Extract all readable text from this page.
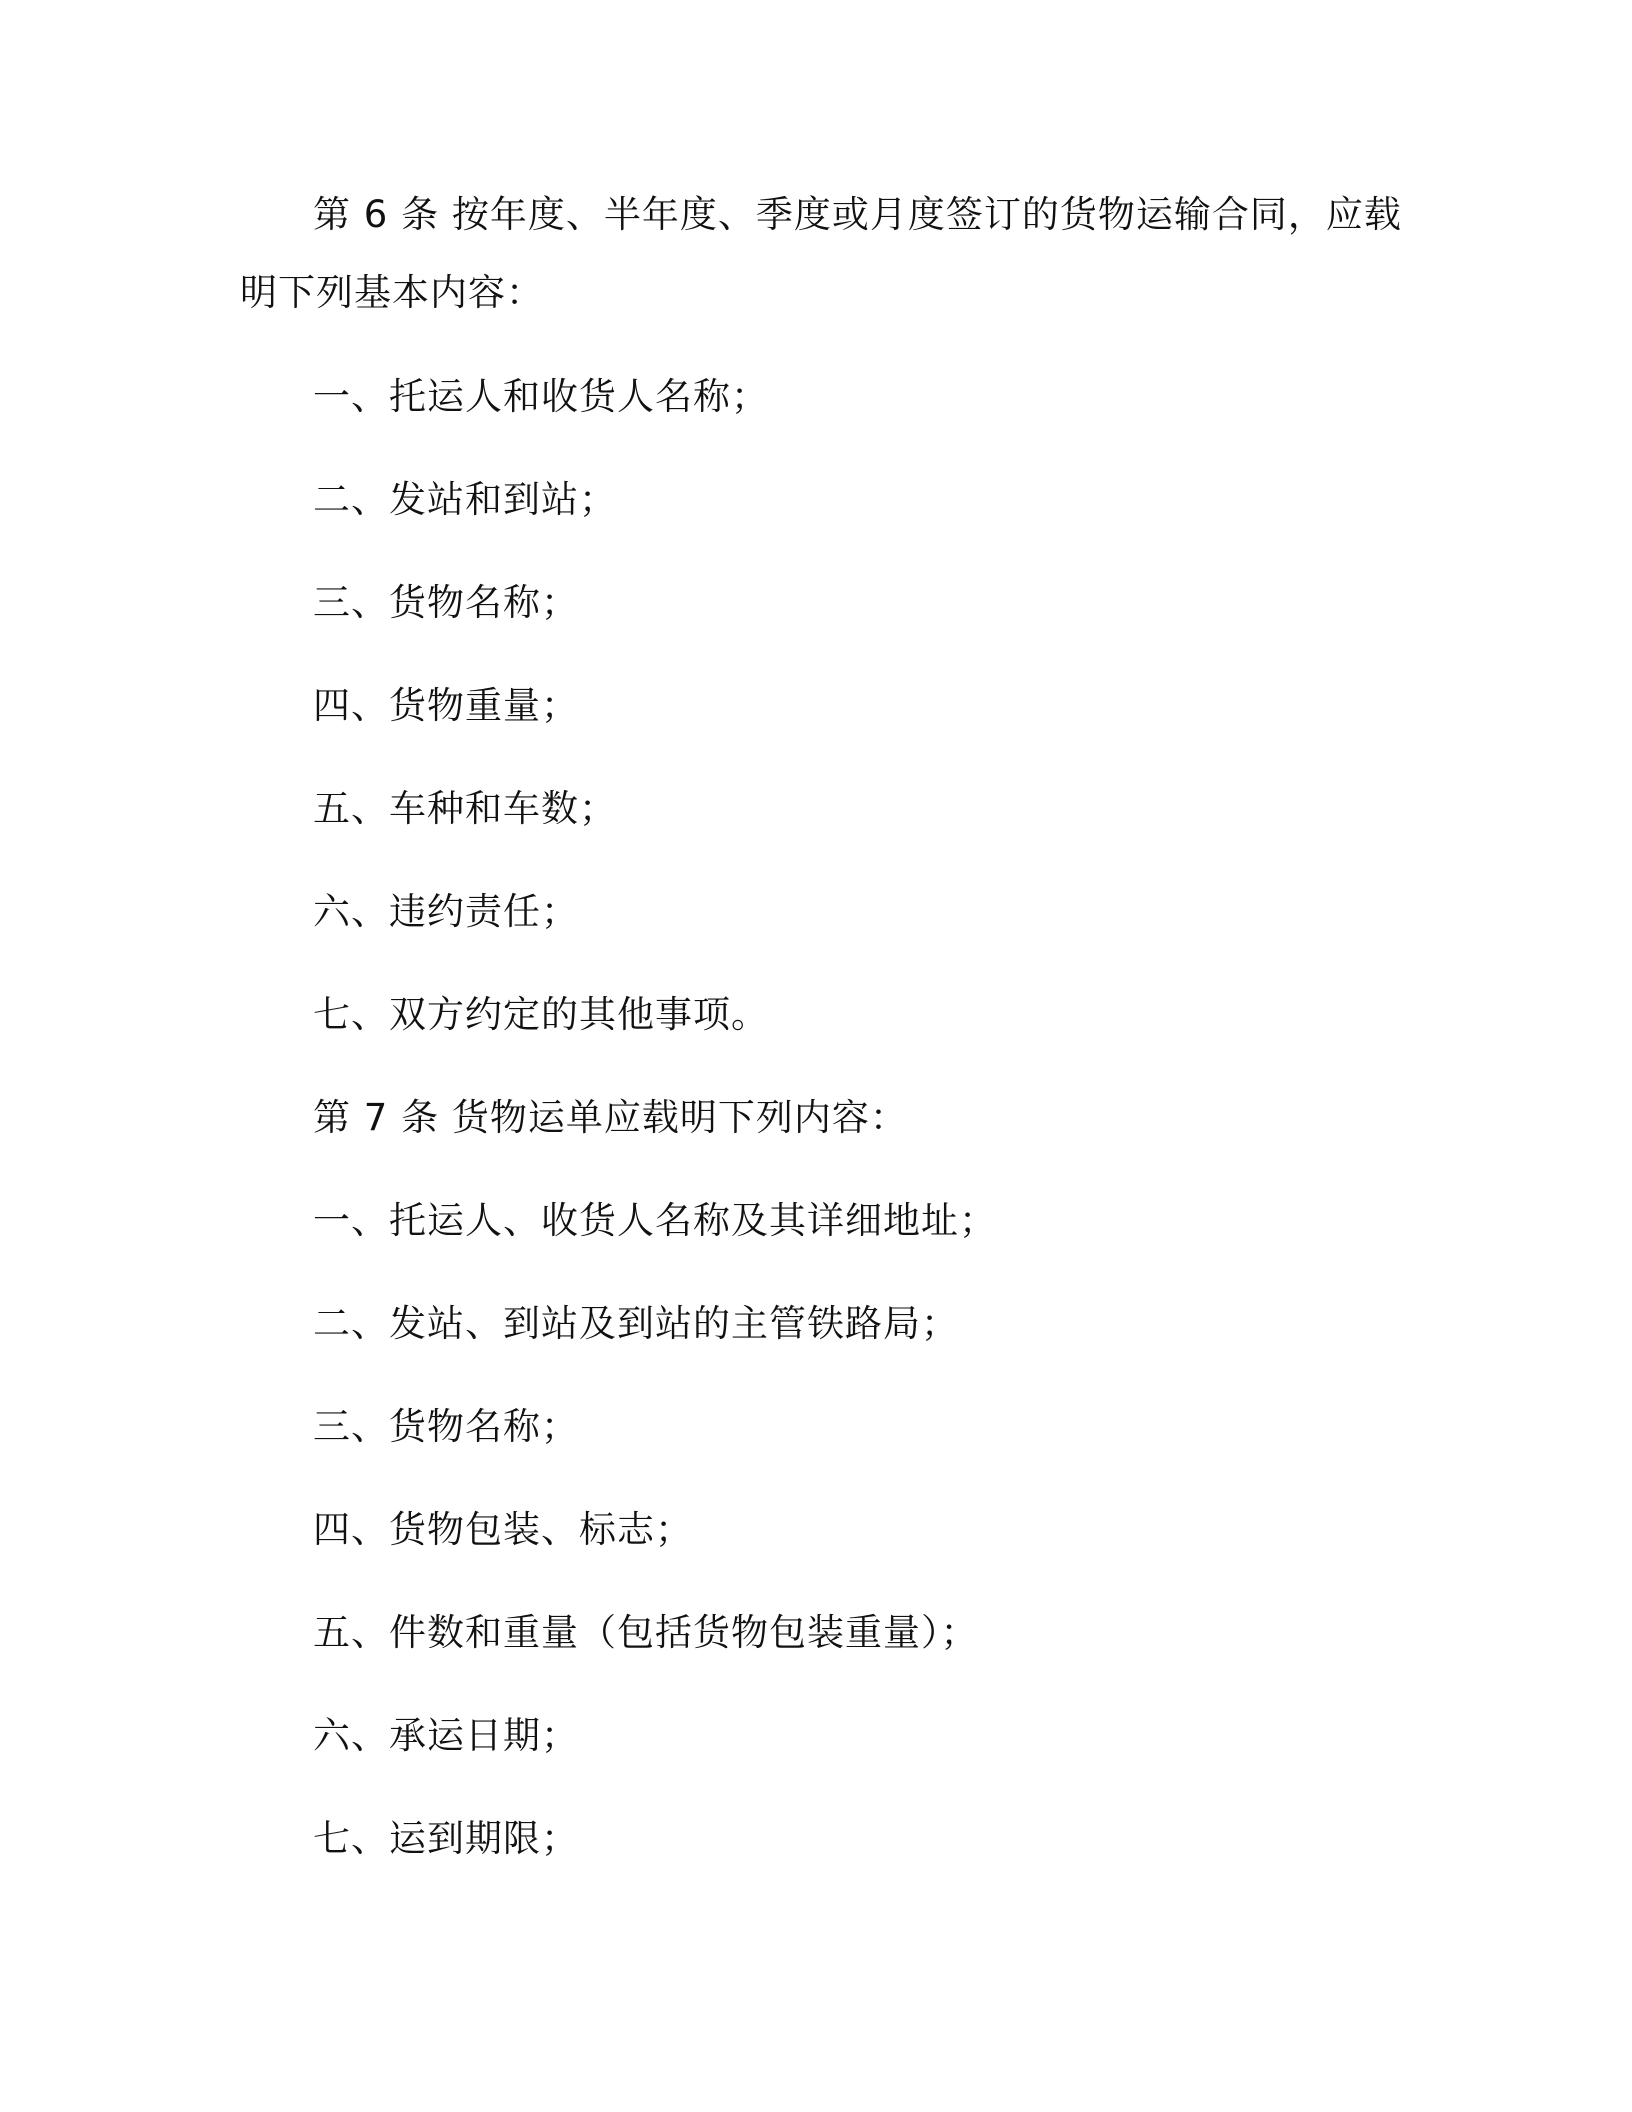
第 6 条 按年度、半年度、季度或月度签订的货物运输合同，应载

明下列基本内容：

一、托运人和收货人名称；

二、发站和到站；

三、货物名称；

四、货物重量；

五、车种和车数；

六、违约责任；

七、双方约定的其他事项。

第 7 条 货物运单应载明下列内容：

一、托运人、收货人名称及其详细地址；

二、发站、到站及到站的主管铁路局；

三、货物名称；

四、货物包装、标志；

五、件数和重量（包括货物包装重量）；

六、承运日期；

七、运到期限；
